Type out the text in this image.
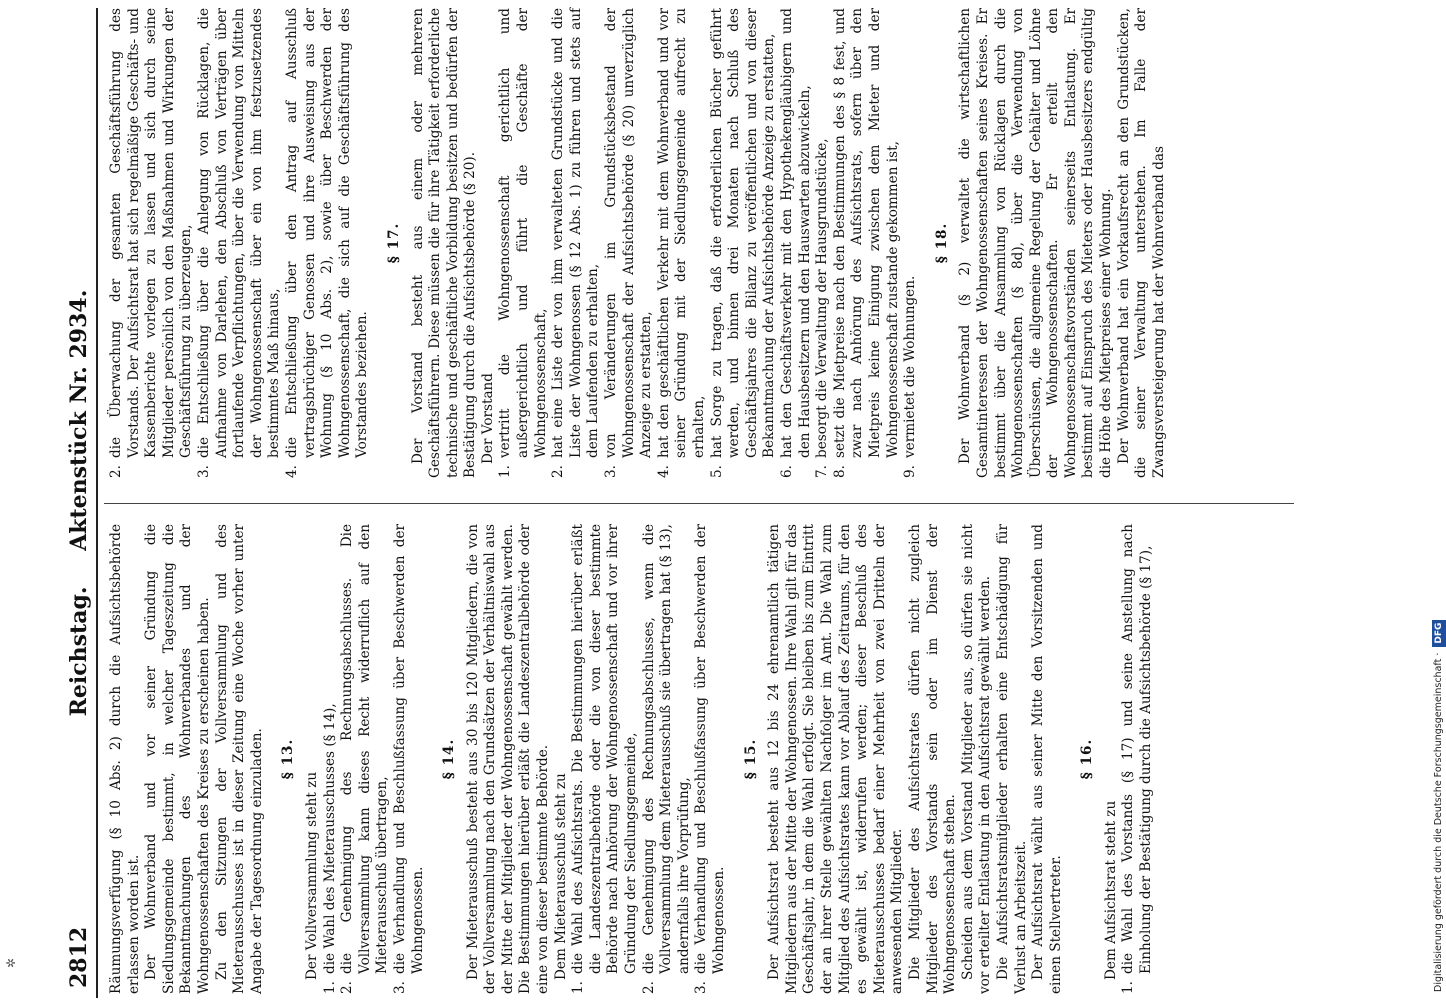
✲ 2812
Reichstag. Aktenstück Nr. 2934.

Räumungsverfügung (§ 10 Abs. 2) durch die Aufsichtsbehörde erlassen worden ist. Der Wohnverband und vor seiner Gründung die Siedlungsgemeinde bestimmt, in welcher Tageszeitung die Bekanntmachungen des Wohnverbandes und der Wohngenossenschaften des Kreises zu erscheinen haben. Zu den Sitzungen der Vollversammlung und des Mieterausschusses ist in dieser Zeitung eine Woche vorher unter Angabe der Tagesordnung einzuladen. § 13.

Der Vollversammlung steht zu

1.die Wahl des Mieterausschusses (§ 14),
2.die Genehmigung des Rechnungsabschlusses. Die Vollversammlung kann dieses Recht widerruflich auf den Mieterausschuß übertragen,
3.die Verhandlung und Beschlußfassung über Beschwerden der Wohngenossen.
§ 14. Der Mieterausschuß besteht aus 30 bis 120 Mitgliedern, die von der Vollversammlung nach den Grundsätzen der Verhältniswahl aus der Mitte der Mitglieder der Wohngenossenschaft gewählt werden. Die Bestimmungen hierüber erläßt die Landeszentralbehörde oder eine von dieser bestimmte Behörde. Dem Mieterausschuß steht zu

1.die Wahl des Aufsichtsrats. Die Bestimmungen hierüber erläßt die Landeszentralbehörde oder die von dieser bestimmte Behörde nach Anhörung der Wohngenossenschaft und vor ihrer Gründung der Siedlungsgemeinde,
2.die Genehmigung des Rechnungsabschlusses, wenn die Vollversammlung dem Mieterausschuß sie übertragen hat (§ 13), andernfalls ihre Vorprüfung,
3.die Verhandlung und Beschlußfassung über Beschwerden der Wohngenossen.
§ 15. Der Aufsichtsrat besteht aus 12 bis 24 ehrenamtlich tätigen Mitgliedern aus der Mitte der Wohngenossen. Ihre Wahl gilt für das Geschäftsjahr, in dem die Wahl erfolgt. Sie bleiben bis zum Eintritt der an ihrer Stelle gewählten Nachfolger im Amt. Die Wahl zum Mitglied des Aufsichtsrates kann vor Ablauf des Zeitraums, für den es gewählt ist, widerrufen werden; dieser Beschluß des Mieterausschusses bedarf einer Mehrheit von zwei Dritteln der anwesenden Mitglieder. Die Mitglieder des Aufsichtsrates dürfen nicht zugleich Mitglieder des Vorstands sein oder im Dienst der Wohngenossenschaft stehen. Scheiden aus dem Vorstand Mitglieder aus, so dürfen sie nicht vor erteilter Entlastung in den Aufsichtsrat gewählt werden. Die Aufsichtsratsmitglieder erhalten eine Entschädigung für Verlust an Arbeitszeit. Der Aufsichtsrat wählt aus seiner Mitte den Vorsitzenden und einen Stellvertreter.

§ 16.

Dem Aufsichtsrat steht zu

1.die Wahl des Vorstands (§ 17) und seine Anstellung nach Einholung der Bestätigung durch die Aufsichtsbehörde (§ 17),
2.die Überwachung der gesamten Geschäftsführung des Vorstands. Der Aufsichtsrat hat sich regelmäßige Geschäfts- und Kassenberichte vorlegen zu lassen und sich durch seine Mitglieder persönlich von den Maßnahmen und Wirkungen der Geschäftsführung zu überzeugen,
3.die Entschließung über die Anlegung von Rücklagen, die Aufnahme von Darlehen, den Abschluß von Verträgen über fortlaufende Verpflichtungen, über die Verwendung von Mitteln der Wohngenossenschaft über ein von ihm festzusetzendes bestimmtes Maß hinaus,
4.die Entschließung über den Antrag auf Ausschluß vertragsbrüchiger Genossen und ihre Ausweisung aus der Wohnung (§ 10 Abs. 2), sowie über Beschwerden der Wohngenossenschaft, die sich auf die Geschäftsführung des Vorstandes beziehen.
§ 17. Der Vorstand besteht aus einem oder mehreren Geschäftsführern. Diese müssen die für ihre Tätigkeit erforderliche technische und geschäftliche Vorbildung besitzen und bedürfen der Bestätigung durch die Aufsichtsbehörde (§ 20). Der Vorstand

1.vertritt die Wohngenossenschaft gerichtlich und außergerichtlich und führt die Geschäfte der Wohngenossenschaft,
2.hat eine Liste der von ihm verwalteten Grundstücke und die Liste der Wohngenossen (§ 12 Abs. 1) zu führen und stets auf dem Laufenden zu erhalten,
3.von Veränderungen im Grundstücksbestand der Wohngenossenschaft der Aufsichtsbehörde (§ 20) unverzüglich Anzeige zu erstatten,
4.hat den geschäftlichen Verkehr mit dem Wohnverband und vor seiner Gründung mit der Siedlungsgemeinde aufrecht zu erhalten,
5.hat Sorge zu tragen, daß die erforderlichen Bücher geführt werden, und binnen drei Monaten nach Schluß des Geschäftsjahres die Bilanz zu veröffentlichen und von dieser Bekanntmachung der Aufsichtsbehörde Anzeige zu erstatten,
6.hat den Geschäftsverkehr mit den Hypothekengläubigern und den Hausbesitzern und den Hauswarten abzuwickeln,
7.besorgt die Verwaltung der Hausgrundstücke,
8.setzt die Mietpreise nach den Bestimmungen des § 8 fest, und zwar nach Anhörung des Aufsichtsrats, sofern über den Mietpreis keine Einigung zwischen dem Mieter und der Wohngenossenschaft zustande gekommen ist,
9.vermietet die Wohnungen.
§ 18. Der Wohnverband (§ 2) verwaltet die wirtschaftlichen Gesamtinteressen der Wohngenossenschaften seines Kreises. Er bestimmt über die Ansammlung von Rücklagen durch die Wohngenossenschaften (§ 8d), über die Verwendung von Überschüssen, die allgemeine Regelung der Gehälter und Löhne der Wohngenossenschaften. Er erteilt den Wohngenossenschaftsvorständen seinerseits Entlastung. Er bestimmt auf Einspruch des Mieters oder Hausbesitzers endgültig die Höhe des Mietpreises einer Wohnung. Der Wohnverband hat ein Vorkaufsrecht an den Grundstücken, die seiner Verwaltung unterstehen. Im Falle der Zwangsversteigerung hat der Wohnverband das

Digitalisierung gefördert durch die Deutsche Forschungsgemeinschaft ·DFG
